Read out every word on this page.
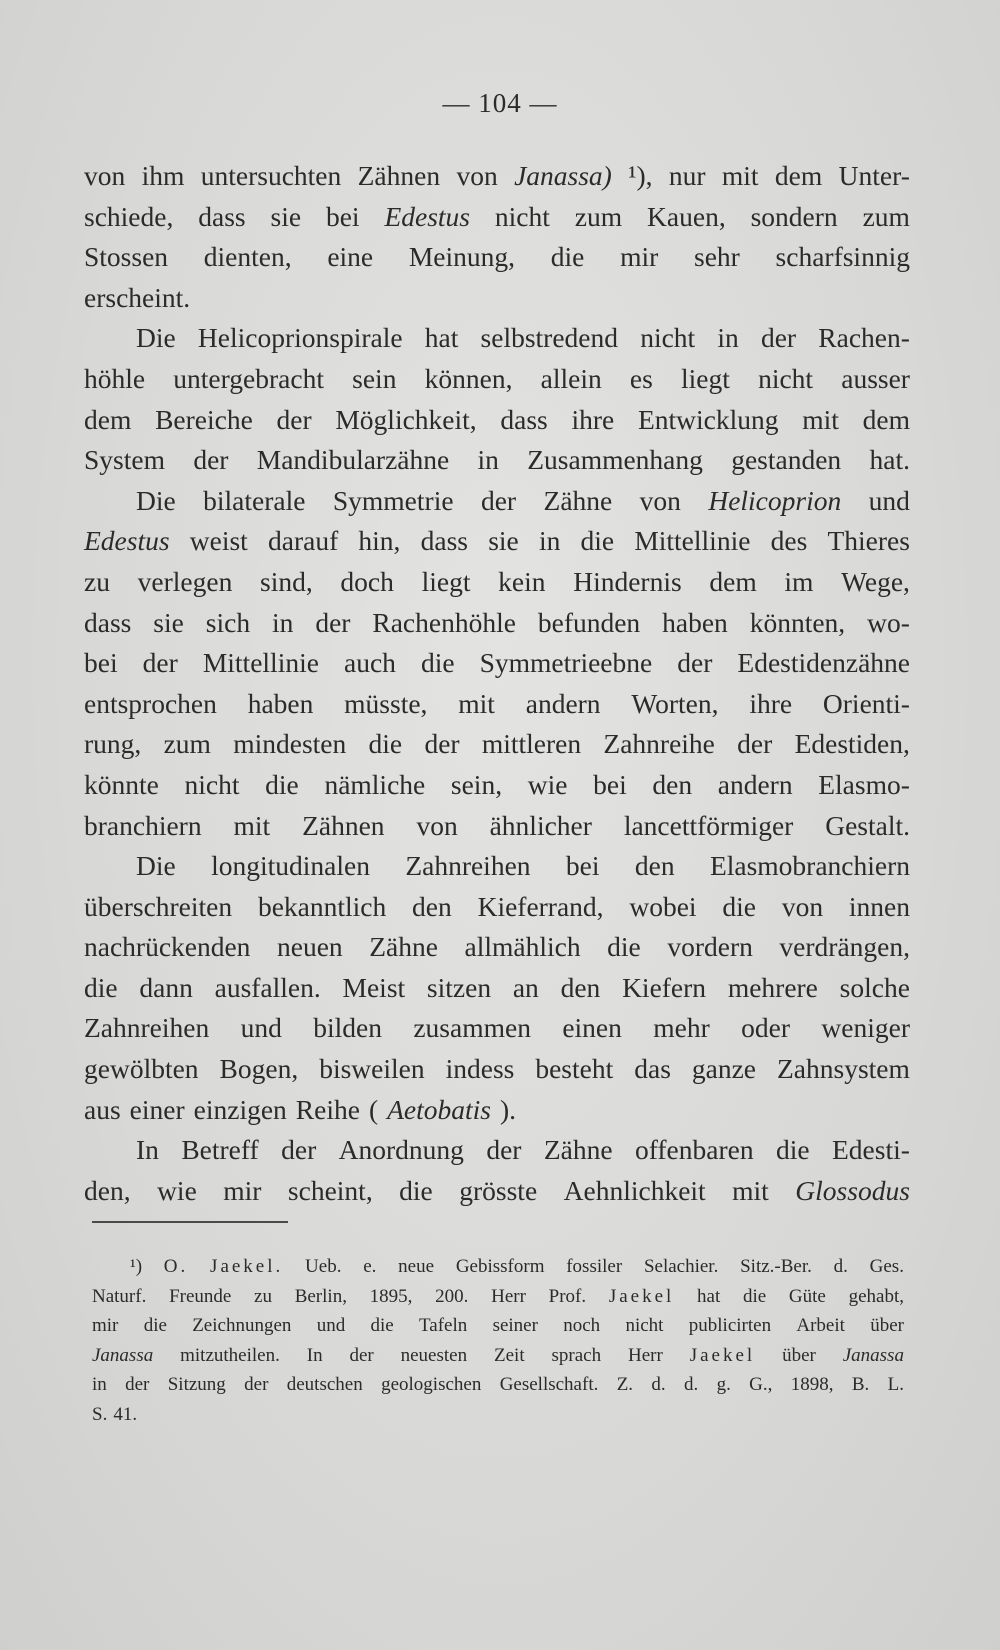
— 104 —
von ihm untersuchten Zähnen von Janassa) ¹), nur mit dem Unter-
schiede, dass sie bei Edestus nicht zum Kauen, sondern zum
Stossen dienten, eine Meinung, die mir sehr scharfsinnig
erscheint.
Die Helicoprionspirale hat selbstredend nicht in der Rachen-
höhle untergebracht sein können, allein es liegt nicht ausser
dem Bereiche der Möglichkeit, dass ihre Entwicklung mit dem
System der Mandibularzähne in Zusammenhang gestanden hat.
Die bilaterale Symmetrie der Zähne von Helicoprion und
Edestus weist darauf hin, dass sie in die Mittellinie des Thieres
zu verlegen sind, doch liegt kein Hindernis dem im Wege,
dass sie sich in der Rachenhöhle befunden haben könnten, wo-
bei der Mittellinie auch die Symmetrieebne der Edestidenzähne
entsprochen haben müsste, mit andern Worten, ihre Orienti-
rung, zum mindesten die der mittleren Zahnreihe der Edestiden,
könnte nicht die nämliche sein, wie bei den andern Elasmo-
branchiern mit Zähnen von ähnlicher lancettförmiger Gestalt.
Die longitudinalen Zahnreihen bei den Elasmobranchiern
überschreiten bekanntlich den Kieferrand, wobei die von innen
nachrückenden neuen Zähne allmählich die vordern verdrängen,
die dann ausfallen. Meist sitzen an den Kiefern mehrere solche
Zahnreihen und bilden zusammen einen mehr oder weniger
gewölbten Bogen, bisweilen indess besteht das ganze Zahnsystem
aus einer einzigen Reihe ( Aetobatis ).
In Betreff der Anordnung der Zähne offenbaren die Edesti-
den, wie mir scheint, die grösste Aehnlichkeit mit Glossodus
¹) O. Jaekel. Ueb. e. neue Gebissform fossiler Selachier. Sitz.-Ber. d. Ges.
Naturf. Freunde zu Berlin, 1895, 200. Herr Prof. Jaekel hat die Güte gehabt,
mir die Zeichnungen und die Tafeln seiner noch nicht publicirten Arbeit über
Janassa mitzutheilen. In der neuesten Zeit sprach Herr Jaekel über Janassa
in der Sitzung der deutschen geologischen Gesellschaft. Z. d. d. g. G., 1898, B. L.
S. 41.
